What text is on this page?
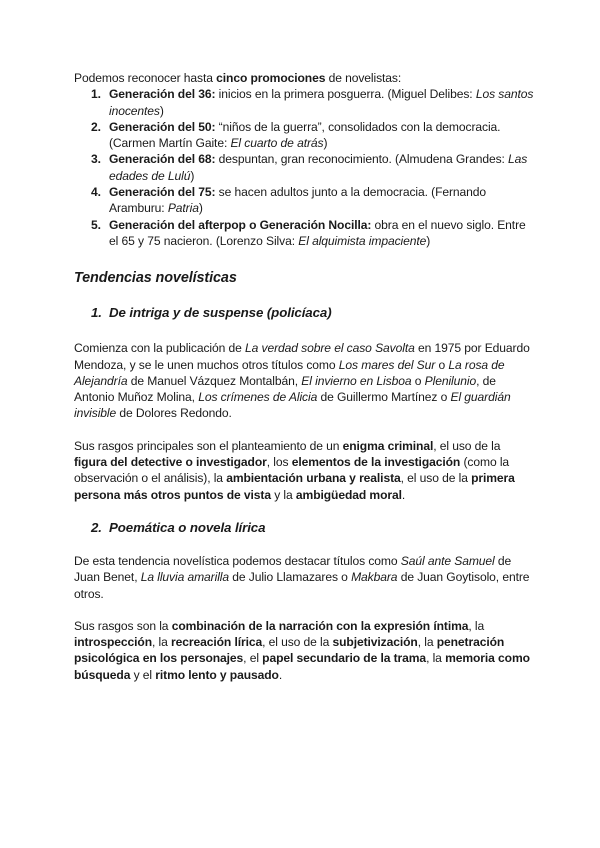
Podemos reconocer hasta cinco promociones de novelistas:

1. Generación del 36: inicios en la primera posguerra. (Miguel Delibes: Los santos inocentes)
2. Generación del 50: “niños de la guerra”, consolidados con la democracia. (Carmen Martín Gaite: El cuarto de atrás)
3. Generación del 68: despuntan, gran reconocimiento. (Almudena Grandes: Las edades de Lulú)
4. Generación del 75: se hacen adultos junto a la democracia. (Fernando Aramburu: Patria)
5. Generación del afterpop o Generación Nocilla: obra en el nuevo siglo. Entre el 65 y 75 nacieron. (Lorenzo Silva: El alquimista impaciente)
Tendencias novelísticas
1. De intriga y de suspense (policíaca)

Comienza con la publicación de La verdad sobre el caso Savolta en 1975 por Eduardo Mendoza, y se le unen muchos otros títulos como Los mares del Sur o La rosa de Alejandría de Manuel Vázquez Montalbán, El invierno en Lisboa o Plenilunio, de Antonio Muñoz Molina, Los crímenes de Alicia de Guillermo Martínez o El guardián invisible de Dolores Redondo.

Sus rasgos principales son el planteamiento de un enigma criminal, el uso de la figura del detective o investigador, los elementos de la investigación (como la observación o el análisis), la ambientación urbana y realista, el uso de la primera persona más otros puntos de vista y la ambigüedad moral.

2. Poemática o novela lírica

De esta tendencia novelística podemos destacar títulos como Saúl ante Samuel de Juan Benet, La lluvia amarilla de Julio Llamazares o Makbara de Juan Goytisolo, entre otros.

Sus rasgos son la combinación de la narración con la expresión íntima, la introspección, la recreación lírica, el uso de la subjetivización, la penetración psicológica en los personajes, el papel secundario de la trama, la memoria como búsqueda y el ritmo lento y pausado.
